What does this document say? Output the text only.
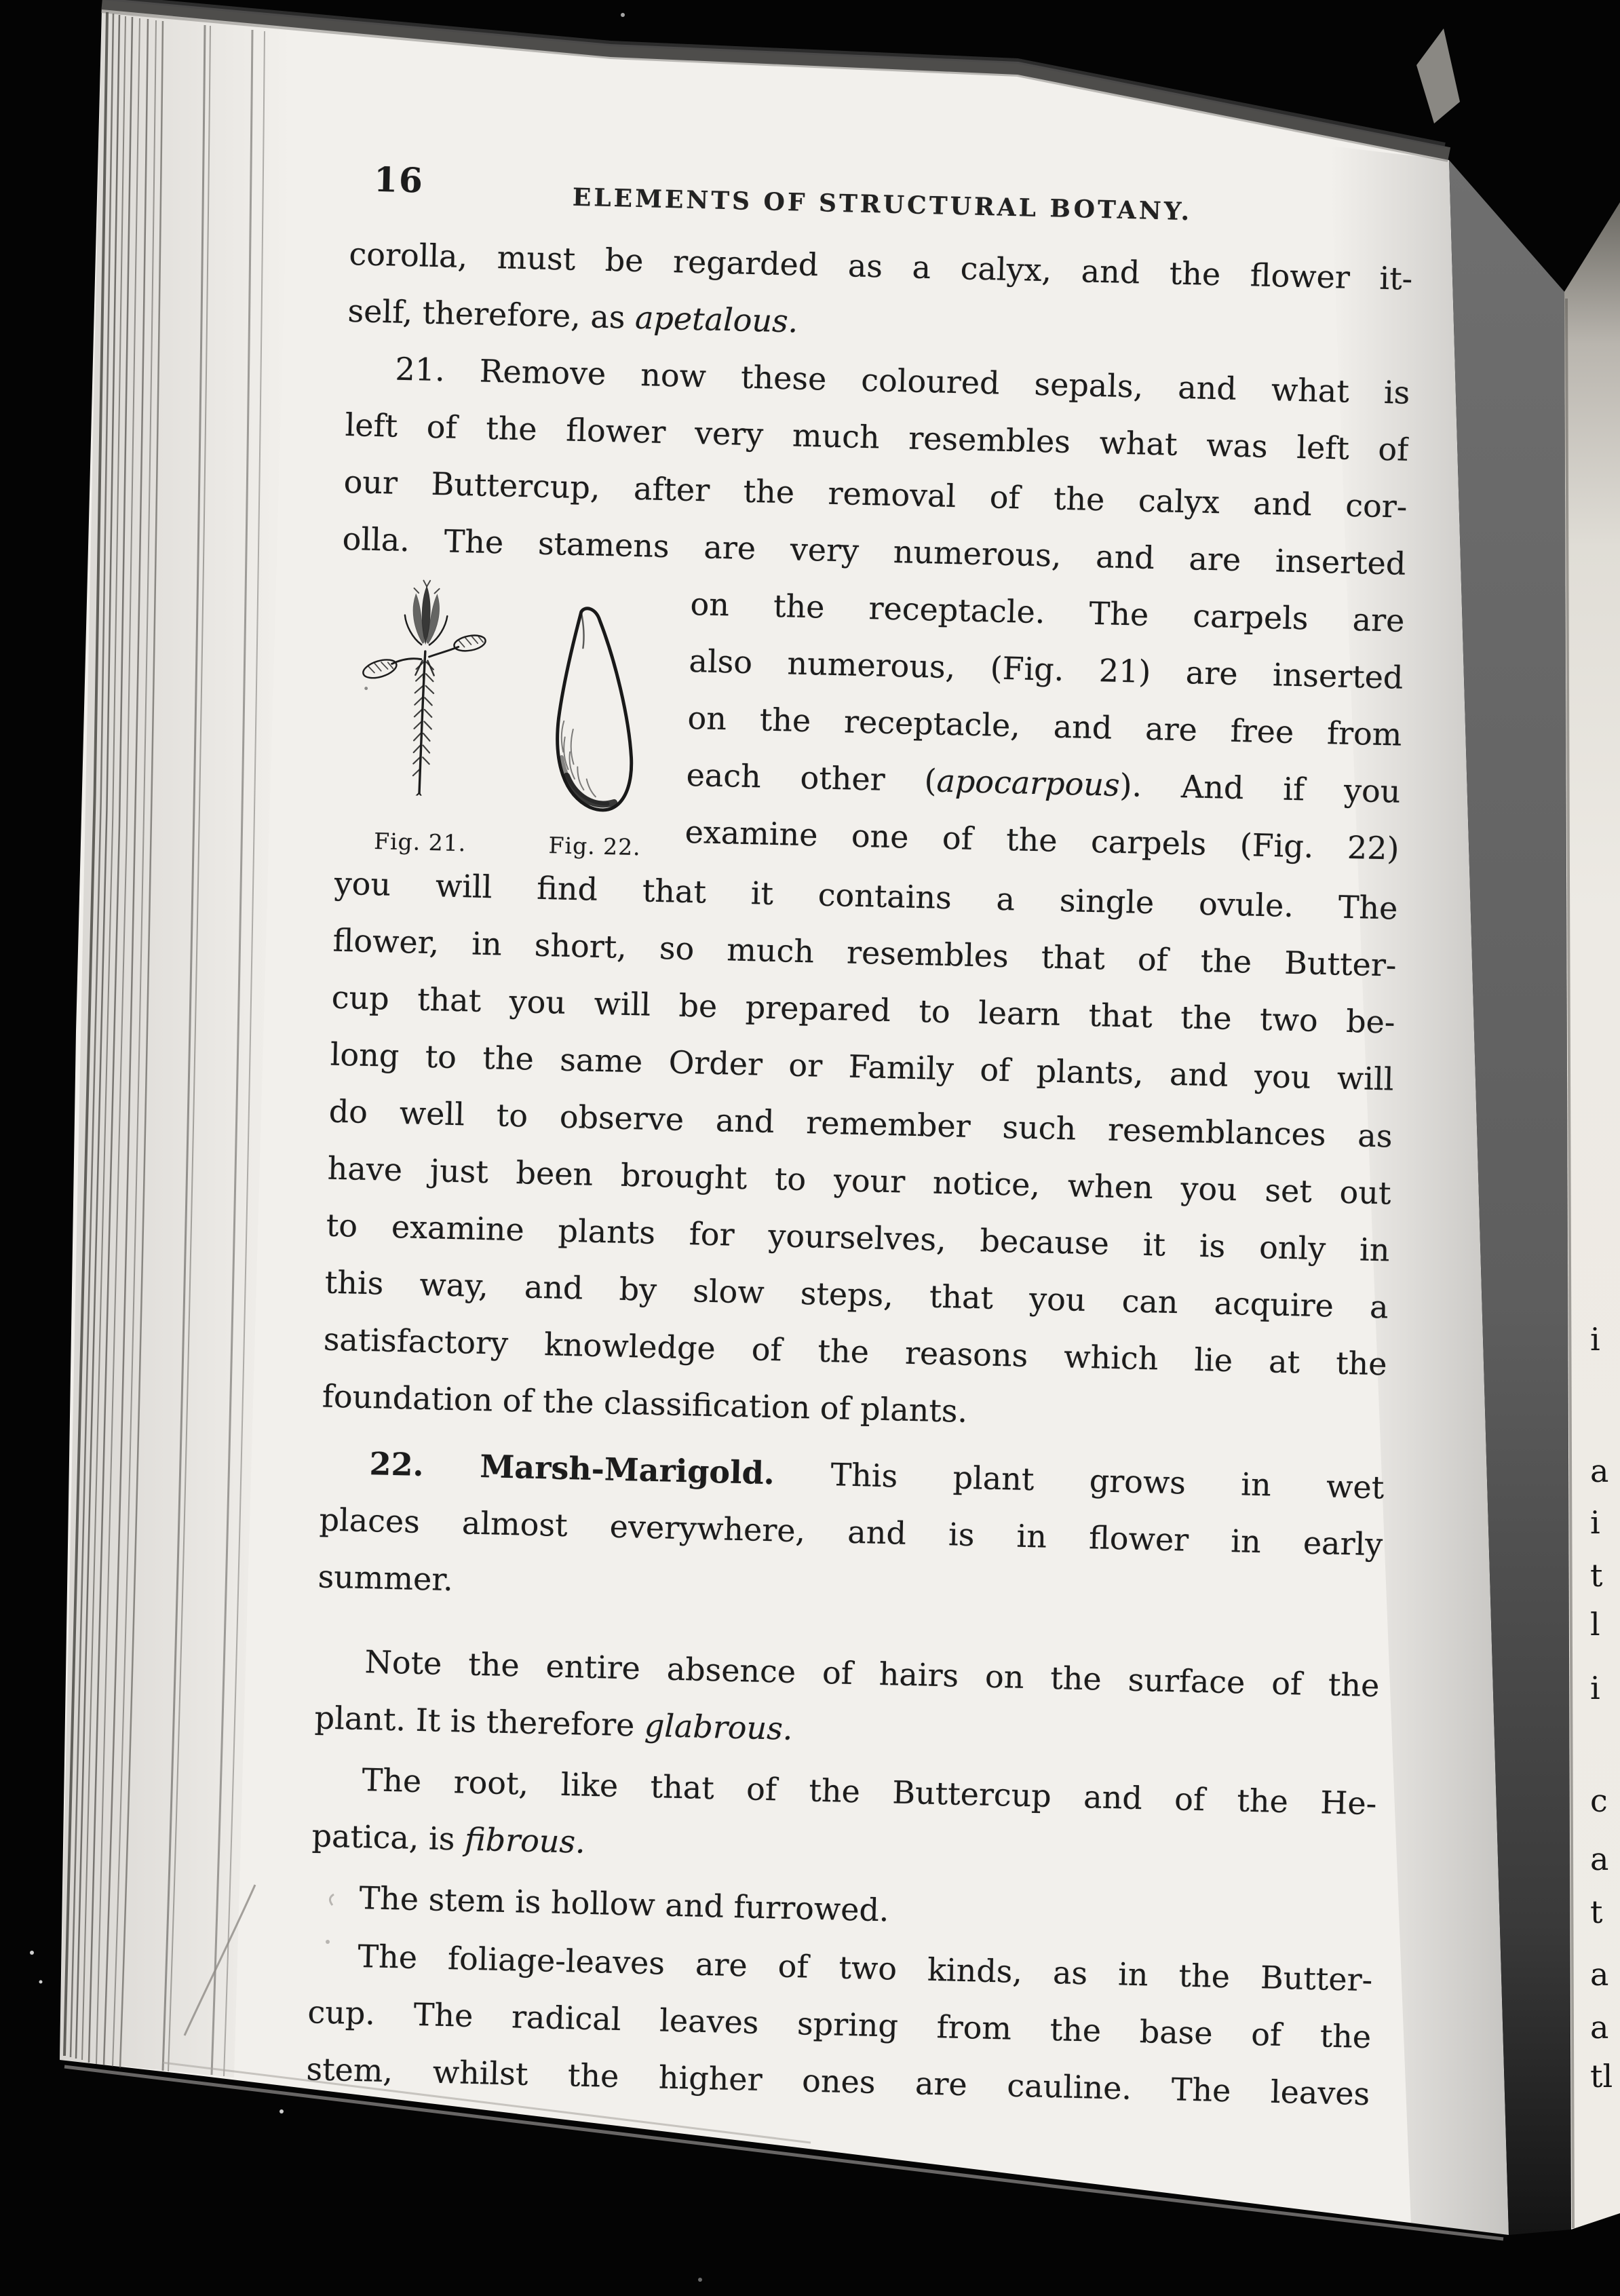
i
a
i
t
l
i
c
a
t
a
a
tl
16
ELEMENTS OF STRUCTURAL BOTANY.
corolla, must be regarded as a calyx, and the flower it-
self, therefore, as apetalous.
21. Remove now these coloured sepals, and what is
left of the flower very much resembles what was left of
our Buttercup, after the removal of the calyx and cor-
olla. The stamens are very numerous, and are inserted
Fig. 21.	Fig. 22.
on the receptacle. The carpels are
also numerous, (Fig. 21) are inserted
on the receptacle, and are free from
each other (apocarpous). And if you
examine one of the carpels (Fig. 22)
you will find that it contains a single ovule. The
flower, in short, so much resembles that of the Butter-
cup that you will be prepared to learn that the two be-
long to the same Order or Family of plants, and you will
do well to observe and remember such resemblances as
have just been brought to your notice, when you set out
to examine plants for yourselves, because it is only in
this way, and by slow steps, that you can acquire a
satisfactory knowledge of the reasons which lie at the
foundation of the classification of plants.
22. Marsh-Marigold. This plant grows in wet
places almost everywhere, and is in flower in early
summer.
Note the entire absence of hairs on the surface of the
plant. It is therefore glabrous.
The root, like that of the Buttercup and of the He-
patica, is fibrous.
The stem is hollow and furrowed.
The foliage-leaves are of two kinds, as in the Butter-
cup. The radical leaves spring from the base of the
stem, whilst the higher ones are cauline. The leaves
